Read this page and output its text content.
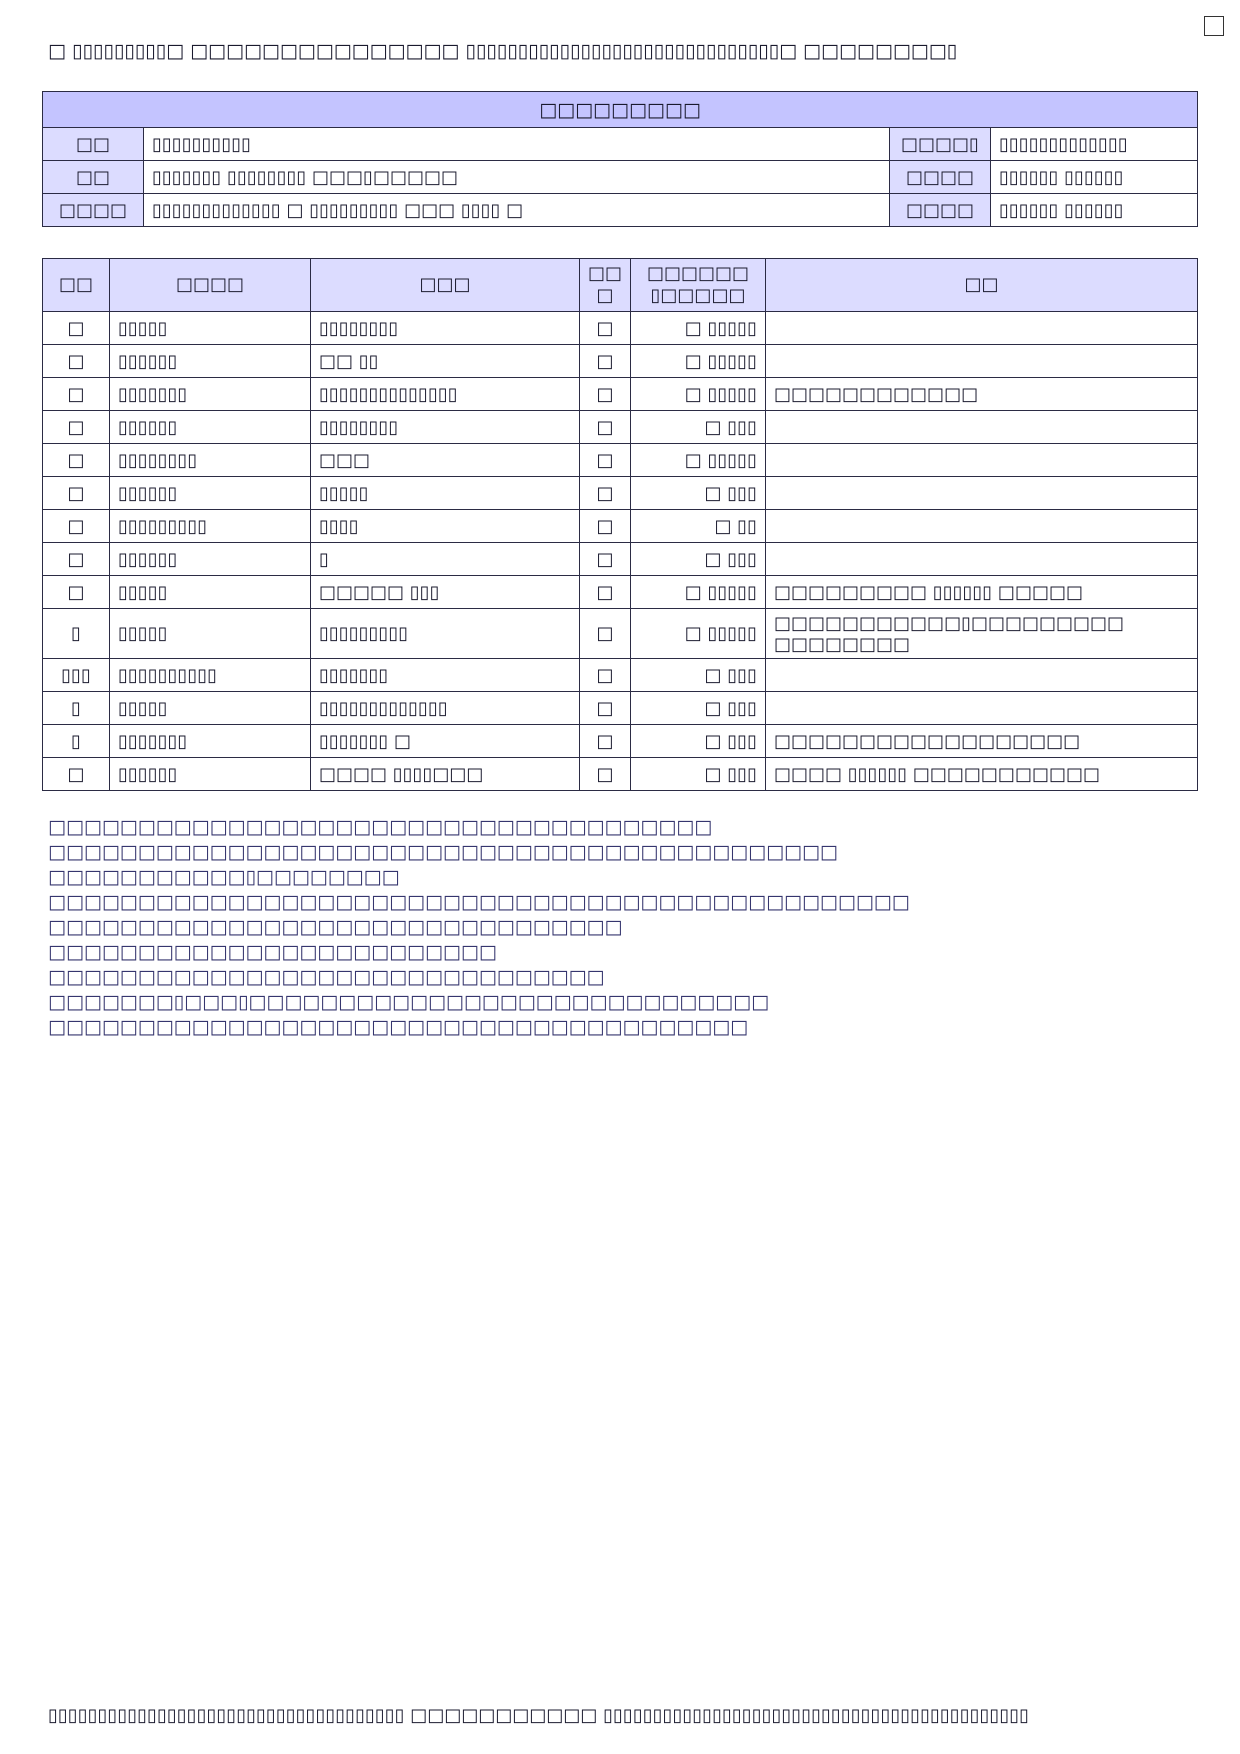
□ ▯▯▯▯▯▯▯▯▯□ □□□□□□□□□□□□□□□ ▯▯▯▯▯▯▯▯▯▯▯▯▯▯▯▯▯▯▯▯▯▯▯▯▯▯▯▯▯▯□ □□□□□□□□▯
□□□□□□□□□			
□□	▯▯▯▯▯▯▯▯▯▯	□□□□▯	▯▯▯▯▯▯▯▯▯▯▯▯▯
□□	▯▯▯▯▯▯▯ ▯▯▯▯▯▯▯▯ □□□▯□□□□□	□□□□	▯▯▯▯▯▯ ▯▯▯▯▯▯
□□□□	▯▯▯▯▯▯▯▯▯▯▯▯▯ □ ▯▯▯▯▯▯▯▯▯ □□□ ▯▯▯▯ □	□□□□	▯▯▯▯▯▯ ▯▯▯▯▯▯
□□	□□□□	□□□	□□ □	□□□□□□ ▯□□□□□	□□
□	▯▯▯▯▯	▯▯▯▯▯▯▯▯	□	□ ▯▯▯▯▯	
□	▯▯▯▯▯▯	□□ ▯▯	□	□ ▯▯▯▯▯	
□	▯▯▯▯▯▯▯	▯▯▯▯▯▯▯▯▯▯▯▯▯▯	□	□ ▯▯▯▯▯	□□□□□□□□□□□□
□	▯▯▯▯▯▯	▯▯▯▯▯▯▯▯	□	□ ▯▯▯	
□	▯▯▯▯▯▯▯▯	□□□	□	□ ▯▯▯▯▯	
□	▯▯▯▯▯▯	▯▯▯▯▯	□	□ ▯▯▯	
□	▯▯▯▯▯▯▯▯▯	▯▯▯▯	□	□ ▯▯	
□	▯▯▯▯▯▯	▯	□	□ ▯▯▯	
□	▯▯▯▯▯	□□□□□ ▯▯▯	□	□ ▯▯▯▯▯	□□□□□□□□□ ▯▯▯▯▯▯ □□□□□
▯	▯▯▯▯▯	▯▯▯▯▯▯▯▯▯	□	□ ▯▯▯▯▯	□□□□□□□□□□□▯□□□□□□□□□ □□□□□□□□
▯▯▯	▯▯▯▯▯▯▯▯▯▯	▯▯▯▯▯▯▯	□	□ ▯▯▯	
▯	▯▯▯▯▯	▯▯▯▯▯▯▯▯▯▯▯▯▯	□	□ ▯▯▯	
▯	▯▯▯▯▯▯▯	▯▯▯▯▯▯▯ □	□	□ ▯▯▯	□□□□□□□□□□□□□□□□□□
□	▯▯▯▯▯▯	□□□□ ▯▯▯▯□□□	□	□ ▯▯▯	□□□□ ▯▯▯▯▯▯ □□□□□□□□□□□

□□□□□□□□□□□□□□□□□□□□□□□□□□□□□□□□□□□□□

□□□□□□□□□□□□□□□□□□□□□□□□□□□□□□□□□□□□□□□□□□□□

□□□□□□□□□□□▯□□□□□□□□

□□□□□□□□□□□□□□□□□□□□□□□□□□□□□□□□□□□□□□□□□□□□□□□□

□□□□□□□□□□□□□□□□□□□□□□□□□□□□□□□□

□□□□□□□□□□□□□□□□□□□□□□□□□

□□□□□□□□□□□□□□□□□□□□□□□□□□□□□□□

□□□□□□□▯□□□▯□□□□□□□□□□□□□□□□□□□□□□□□□□□□□

□□□□□□□□□□□□□□□□□□□□□□□□□□□□□□□□□□□□□□□

▯▯▯▯▯▯▯▯▯▯▯▯▯▯▯▯▯▯▯▯▯▯▯▯▯▯▯▯▯▯▯▯▯▯▯▯ □□□□□□□□□□□ ▯▯▯▯▯▯▯▯▯▯▯▯▯▯▯▯▯▯▯▯▯▯▯▯▯▯▯▯▯▯▯▯▯▯▯▯▯▯▯▯▯▯▯
